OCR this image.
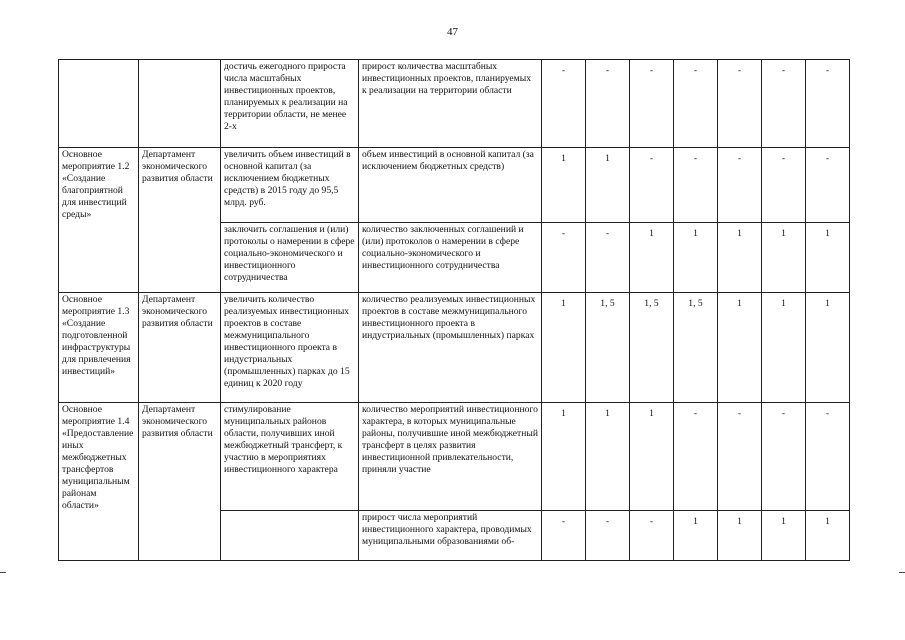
47
		достичь ежегодного приростa числа масштабных инвестиционных проектов, планируемых к реализации на территории области, не менее 2-х	прирост количества масштабных инвестиционных проектов, планируемых к реализации на территории области	-	-	-	-	-	-	-
Основное мероприятие 1.2 «Создание благоприятной для инвестиций среды»	Департамент экономического развития области	увеличить объем инвестиций в основной капитал (за исключением бюджетных средств) в 2015 году до 95,5 млрд. руб.	объем инвестиций в основной капитал (за исключением бюджетных средств)	1	1	-	-	-	-	-
		заключить соглашения и (или) протоколы о намерении в сфере социально-экономического и инвестиционного сотрудничества	количество заключенных соглашений и (или) протоколов о намерении в сфере социально-экономического и инвестиционного сотрудничества	-	-	1	1	1	1	1
Основное мероприятие 1.3 «Создание подготовленной инфраструктуры для привлечения инвестиций»	Департамент экономического развития области	увеличить количество реализуемых инвестиционных проектов в составе межмуниципального инвестиционного проекта в индустриальных (промышленных) парках до 15 единиц к 2020 году	количество реализуемых инвестиционных проектов в составе межмуниципального инвестиционного проекта в индустриальных (промышленных) парках	1	1, 5	1, 5	1, 5	1	1	1
Основное мероприятие 1.4 «Предоставление иных межбюджетных трансфертов муниципальным районам области»	Департамент экономического развития области	стимулирование муниципальных районов области, получивших иной межбюджетный трансферт, к участию в мероприятиях инвестиционного характера	количество мероприятий инвестиционного характера, в которых муниципальные районы, получившие иной межбюджетный трансферт в целях развития инвестиционной привлекательности, приняли участие	1	1	1	-	-	-	-
			прирост числа мероприятий инвестиционного характера, проводимых муниципальными образованиями об-	-	-	-	1	1	1	1
